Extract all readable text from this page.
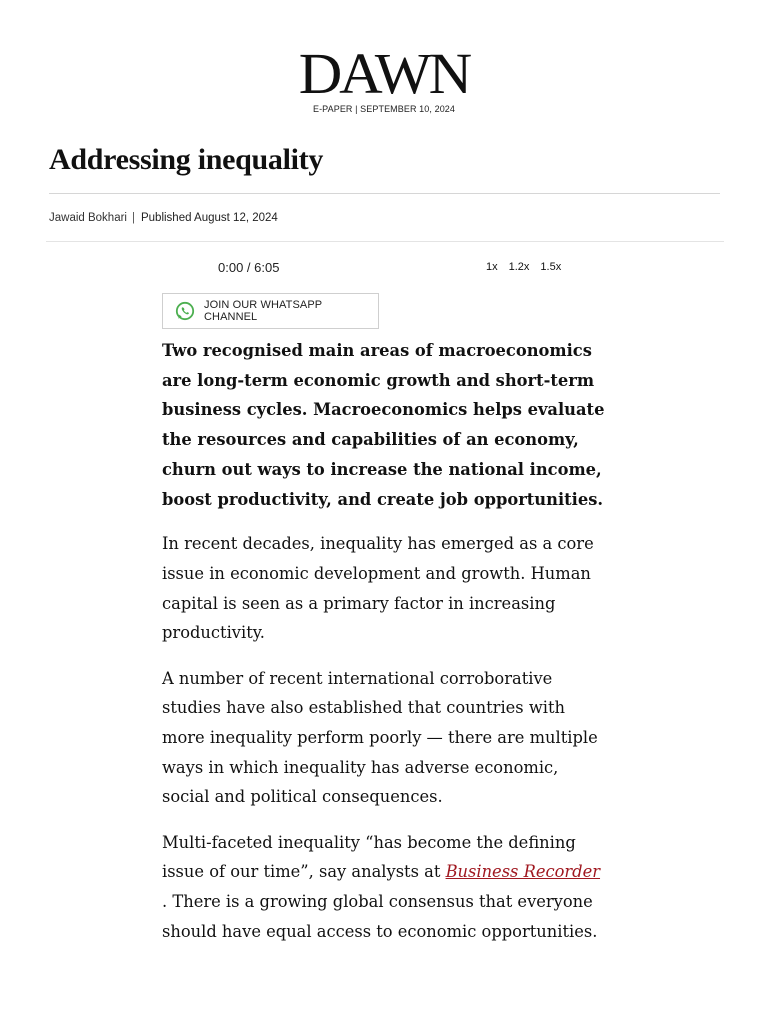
DAWN
E-PAPER | SEPTEMBER 10, 2024
Addressing inequality
Jawaid Bokhari | Published August 12, 2024
0:00 / 6:05	1x 1.2x 1.5x
JOIN OUR WHATSAPP CHANNEL

Two recognised main areas of macroeconomics are long-term economic growth and short-term business cycles. Macroeconomics helps evaluate the resources and capabilities of an economy, churn out ways to increase the national income, boost productivity, and create job opportunities.

In recent decades, inequality has emerged as a core issue in economic development and growth. Human capital is seen as a primary factor in increasing productivity.

A number of recent international corroborative studies have also established that countries with more inequality perform poorly — there are multiple ways in which inequality has adverse economic, social and political consequences.

Multi-faceted inequality “has become the defining issue of our time”, say analysts at Business Recorder . There is a growing global consensus that everyone should have equal access to economic opportunities.
